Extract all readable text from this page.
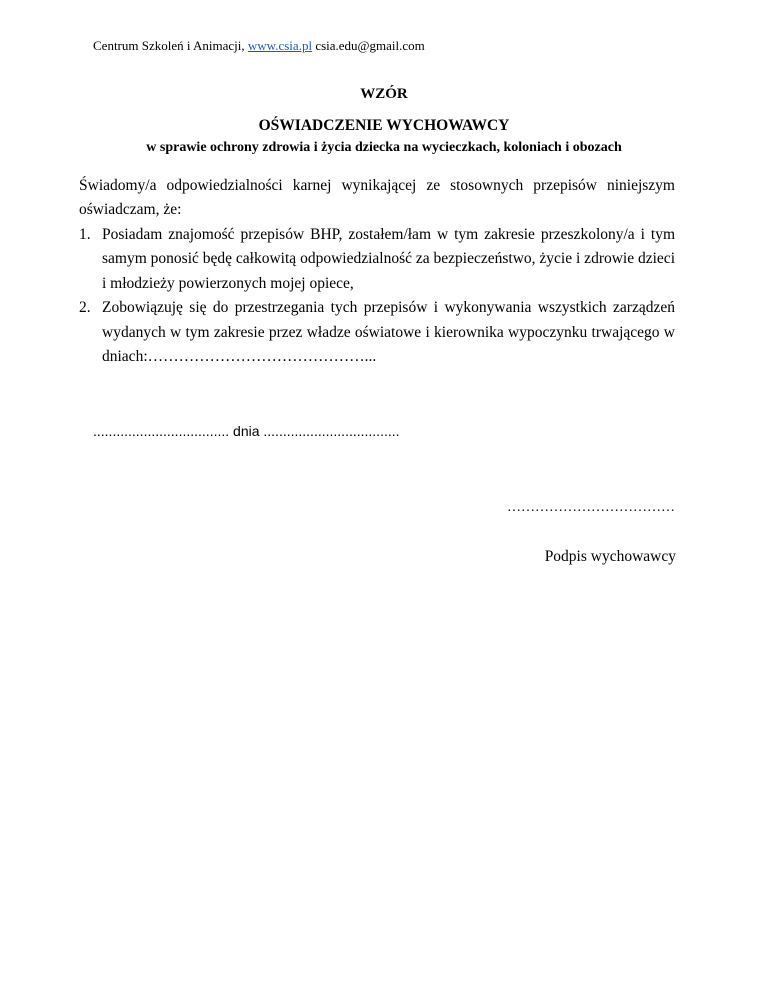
Centrum Szkoleń i Animacji, www.csia.pl csia.edu@gmail.com
WZÓR
OŚWIADCZENIE WYCHOWAWCY
w sprawie ochrony zdrowia i życia dziecka na wycieczkach, koloniach i obozach
Świadomy/a odpowiedzialności karnej wynikającej ze stosownych przepisów niniejszym oświadczam, że:
1. Posiadam znajomość przepisów BHP, zostałem/łam w tym zakresie przeszkolony/a i tym samym ponosić będę całkowitą odpowiedzialność za bezpieczeństwo, życie i zdrowie dzieci i młodzieży powierzonych mojej opiece,
2. Zobowiązuję się do przestrzegania tych przepisów i wykonywania wszystkich zarządzeń wydanych w tym zakresie przez władze oświatowe i kierownika wypoczynku trwającego w dniach:……………………………………...
................................... dnia ...................................
………………………………
Podpis wychowawcy
